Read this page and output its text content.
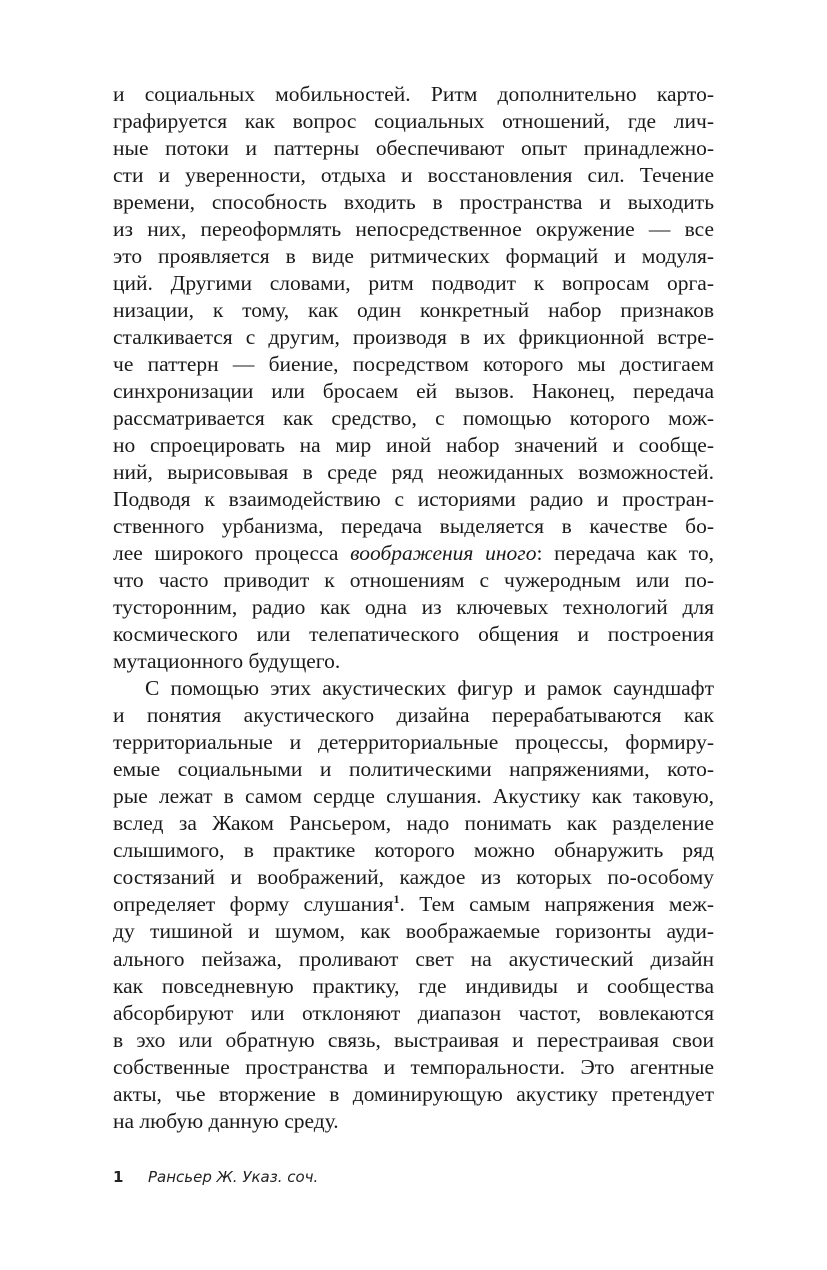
и социальных мобильностей. Ритм дополнительно карто-
графируется как вопрос социальных отношений, где лич-
ные потоки и паттерны обеспечивают опыт принадлежно-
сти и уверенности, отдыха и восстановления сил. Течение
времени, способность входить в пространства и выходить
из них, переоформлять непосредственное окружение — все
это проявляется в виде ритмических формаций и модуля-
ций. Другими словами, ритм подводит к вопросам орга-
низации, к тому, как один конкретный набор признаков
сталкивается с другим, производя в их фрикционной встре-
че паттерн — биение, посредством которого мы достигаем
синхронизации или бросаем ей вызов. Наконец, передача
рассматривается как средство, с помощью которого мож-
но спроецировать на мир иной набор значений и сообще-
ний, вырисовывая в среде ряд неожиданных возможностей.
Подводя к взаимодействию с историями радио и простран-
ственного урбанизма, передача выделяется в качестве бо-
лее широкого процесса воображения иного: передача как то,
что часто приводит к отношениям с чужеродным или по-
тусторонним, радио как одна из ключевых технологий для
космического или телепатического общения и построения
мутационного будущего.
С помощью этих акустических фигур и рамок саундшафт
и понятия акустического дизайна перерабатываются как
территориальные и детерриториальные процессы, формиру-
емые социальными и политическими напряжениями, кото-
рые лежат в самом сердце слушания. Акустику как таковую,
вслед за Жаком Рансьером, надо понимать как разделение
слышимого, в практике которого можно обнаружить ряд
состязаний и воображений, каждое из которых по-особому
определяет форму слушания$^1$. Тем самым напряжения меж-
ду тишиной и шумом, как воображаемые горизонты ауди-
ального пейзажа, проливают свет на акустический дизайн
как повседневную практику, где индивиды и сообщества
абсорбируют или отклоняют диапазон частот, вовлекаются
в эхо или обратную связь, выстраивая и перестраивая свои
собственные пространства и темпоральности. Это агентные
акты, чье вторжение в доминирующую акустику претендует
на любую данную среду.
1 Рансьер Ж. Указ. соч.
